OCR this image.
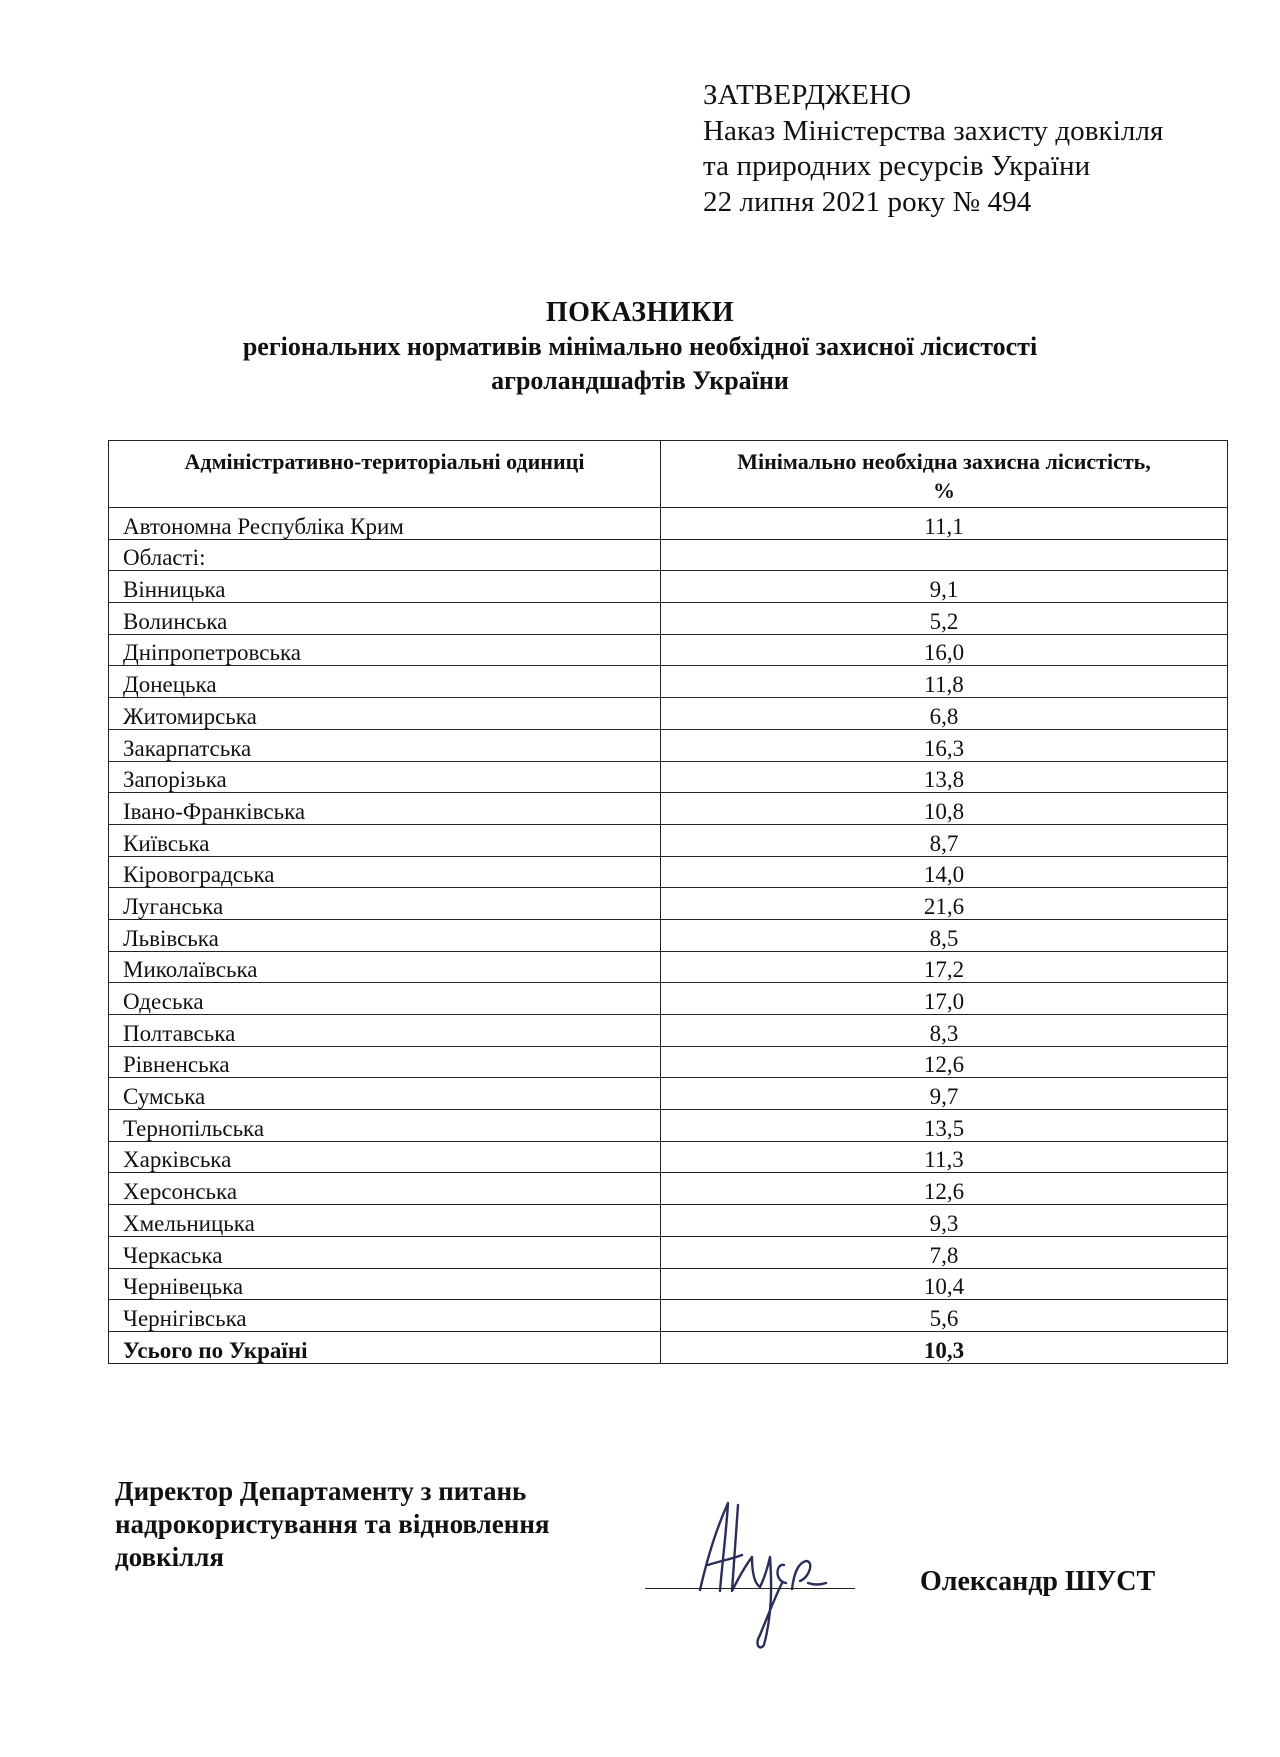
ЗАТВЕРДЖЕНО
Наказ Міністерства захисту довкілля
та природних ресурсів України
22 липня 2021 року № 494
ПОКАЗНИКИ
регіональних нормативів мінімально необхідної захисної лісистості
агроландшафтів України
Адміністративно-територіальні одиниці	Мінімально необхідна захисна лісистість,
%
Автономна Республіка Крим	11,1
Області:	
Вінницька	9,1
Волинська	5,2
Дніпропетровська	16,0
Донецька	11,8
Житомирська	6,8
Закарпатська	16,3
Запорізька	13,8
Івано-Франківська	10,8
Київська	8,7
Кіровоградська	14,0
Луганська	21,6
Львівська	8,5
Миколаївська	17,2
Одеська	17,0
Полтавська	8,3
Рівненська	12,6
Сумська	9,7
Тернопільська	13,5
Харківська	11,3
Херсонська	12,6
Хмельницька	9,3
Черкаська	7,8
Чернівецька	10,4
Чернігівська	5,6
Усього по Україні	10,3
Директор Департаменту з питань
надрокористування та відновлення
довкілля
Олександр ШУСТ
